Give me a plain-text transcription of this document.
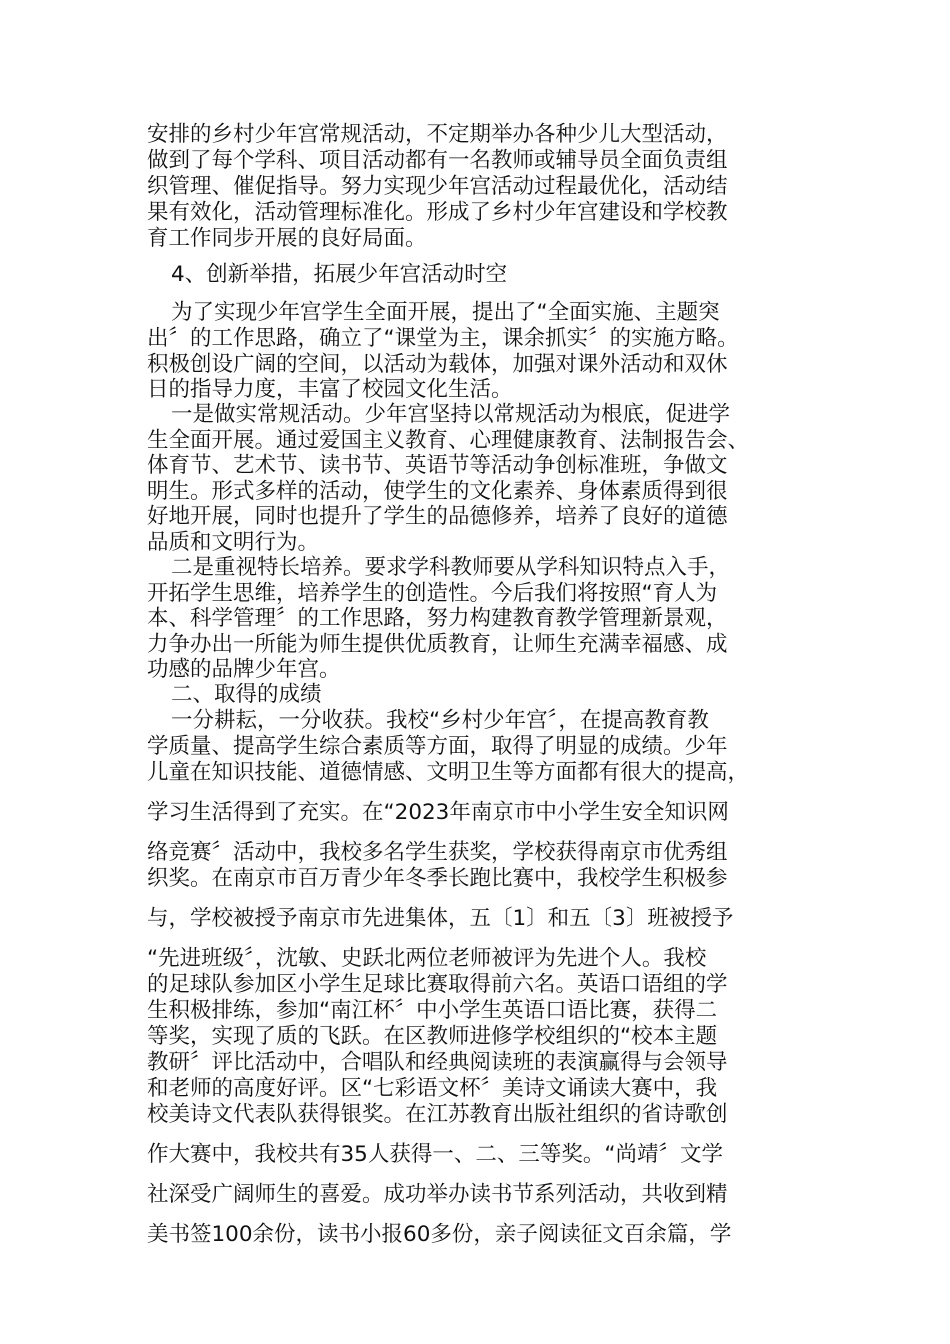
安排的乡村少年宫常规活动，不定期举办各种少儿大型活动，

做到了每个学科、项目活动都有一名教师或辅导员全面负责组

织管理、催促指导。努力实现少年宫活动过程最优化，活动结

果有效化，活动管理标准化。形成了乡村少年宫建设和学校教

育工作同步开展的良好局面。

4、创新举措，拓展少年宫活动时空

为了实现少年宫学生全面开展，提出了“全面实施、主题突

出〞的工作思路，确立了“课堂为主，课余抓实〞的实施方略。

积极创设广阔的空间，以活动为载体，加强对课外活动和双休

日的指导力度，丰富了校园文化生活。

一是做实常规活动。少年宫坚持以常规活动为根底，促进学

生全面开展。通过爱国主义教育、心理健康教育、法制报告会、

体育节、艺术节、读书节、英语节等活动争创标准班，争做文

明生。形式多样的活动，使学生的文化素养、身体素质得到很

好地开展，同时也提升了学生的品德修养，培养了良好的道德

品质和文明行为。

二是重视特长培养。要求学科教师要从学科知识特点入手，

开拓学生思维，培养学生的创造性。今后我们将按照“育人为

本、科学管理〞的工作思路，努力构建教育教学管理新景观，

力争办出一所能为师生提供优质教育，让师生充满幸福感、成

功感的品牌少年宫。

二、取得的成绩

一分耕耘，一分收获。我校“乡村少年宫〞，在提高教育教

学质量、提高学生综合素质等方面，取得了明显的成绩。少年

儿童在知识技能、道德情感、文明卫生等方面都有很大的提高，

学习生活得到了充实。在“2023年南京市中小学生安全知识网

络竞赛〞活动中，我校多名学生获奖，学校获得南京市优秀组

织奖。在南京市百万青少年冬季长跑比赛中，我校学生积极参

与，学校被授予南京市先进集体，五〔1〕和五〔3〕班被授予

“先进班级〞，沈敏、史跃北两位老师被评为先进个人。我校

的足球队参加区小学生足球比赛取得前六名。英语口语组的学

生积极排练，参加“南江杯〞中小学生英语口语比赛，获得二

等奖，实现了质的飞跃。在区教师进修学校组织的“校本主题

教研〞评比活动中，合唱队和经典阅读班的表演赢得与会领导

和老师的高度好评。区“七彩语文杯〞美诗文诵读大赛中，我

校美诗文代表队获得银奖。在江苏教育出版社组织的省诗歌创

作大赛中，我校共有35人获得一、二、三等奖。“尚靖〞文学

社深受广阔师生的喜爱。成功举办读书节系列活动，共收到精

美书签100余份，读书小报60多份，亲子阅读征文百余篇，学
